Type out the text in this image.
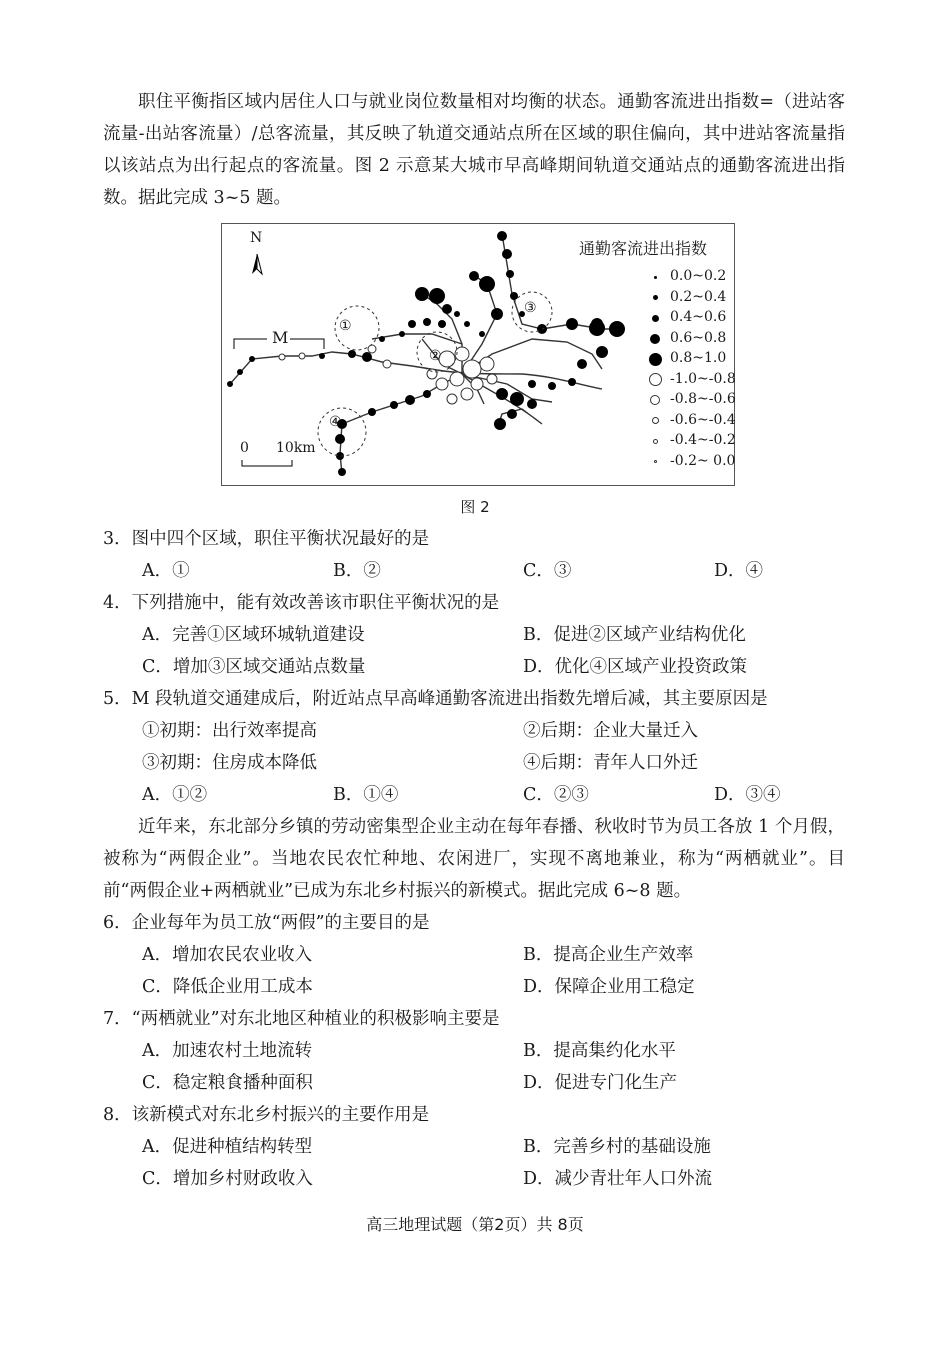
职住平衡指区域内居住人口与就业岗位数量相对均衡的状态。通勤客流进出指数=（进站客流量-出站客流量）/总客流量，其反映了轨道交通站点所在区域的职住偏向，其中进站客流量指以该站点为出行起点的客流量。图 2 示意某大城市早高峰期间轨道交通站点的通勤客流进出指数。据此完成 3~5 题。

N
M
①
②
③
④
0 10km
通勤客流进出指数
0.0~0.2
0.2~0.4
0.4~0.6
0.6~0.8
0.8~1.0
-1.0~-0.8
-0.8~-0.6
-0.6~-0.4
-0.4~-0.2
-0.2~ 0.0
图 2
3．图中四个区域，职住平衡状况最好的是
A．①	B．②	C．③	D．④
4．下列措施中，能有效改善该市职住平衡状况的是
A．完善①区域环城轨道建设	B．促进②区域产业结构优化
C．增加③区域交通站点数量	D．优化④区域产业投资政策
5．M 段轨道交通建成后，附近站点早高峰通勤客流进出指数先增后减，其主要原因是
①初期：出行效率提高	②后期：企业大量迁入
③初期：住房成本降低	④后期：青年人口外迁
A．①②	B．①④	C．②③	D．③④

近年来，东北部分乡镇的劳动密集型企业主动在每年春播、秋收时节为员工各放 1 个月假，被称为“两假企业”。当地农民农忙种地、农闲进厂，实现不离地兼业，称为“两栖就业”。目前“两假企业+两栖就业”已成为东北乡村振兴的新模式。据此完成 6~8 题。

6．企业每年为员工放“两假”的主要目的是
A．增加农民农业收入	B．提高企业生产效率
C．降低企业用工成本	D．保障企业用工稳定
7．“两栖就业”对东北地区种植业的积极影响主要是
A．加速农村土地流转	B．提高集约化水平
C．稳定粮食播种面积	D．促进专门化生产
8．该新模式对东北乡村振兴的主要作用是
A．促进种植结构转型	B．完善乡村的基础设施
C．增加乡村财政收入	D．减少青壮年人口外流
高三地理试题（第2页）共 8页
